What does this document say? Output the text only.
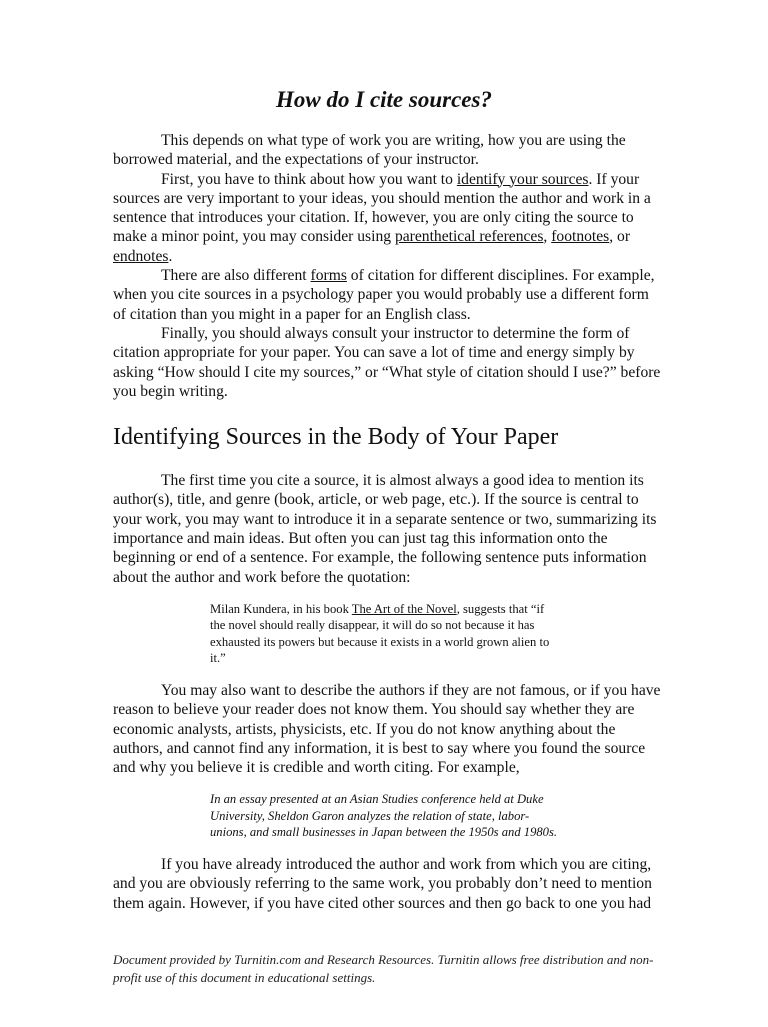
How do I cite sources?

This depends on what type of work you are writing, how you are using the borrowed material, and the expectations of your instructor.

First, you have to think about how you want to identify your sources. If your sources are very important to your ideas, you should mention the author and work in a sentence that introduces your citation. If, however, you are only citing the source to make a minor point, you may consider using parenthetical references, footnotes, or endnotes.

There are also different forms of citation for different disciplines. For example, when you cite sources in a psychology paper you would probably use a different form of citation than you might in a paper for an English class.

Finally, you should always consult your instructor to determine the form of citation appropriate for your paper. You can save a lot of time and energy simply by asking “How should I cite my sources,” or “What style of citation should I use?” before you begin writing.

Identifying Sources in the Body of Your Paper

The first time you cite a source, it is almost always a good idea to mention its author(s), title, and genre (book, article, or web page, etc.). If the source is central to your work, you may want to introduce it in a separate sentence or two, summarizing its importance and main ideas. But often you can just tag this information onto the beginning or end of a sentence. For example, the following sentence puts information about the author and work before the quotation:

Milan Kundera, in his book The Art of the Novel, suggests that “if the novel should really disappear, it will do so not because it has exhausted its powers but because it exists in a world grown alien to it.”

You may also want to describe the authors if they are not famous, or if you have reason to believe your reader does not know them. You should say whether they are economic analysts, artists, physicists, etc. If you do not know anything about the authors, and cannot find any information, it is best to say where you found the source and why you believe it is credible and worth citing. For example,

In an essay presented at an Asian Studies conference held at Duke University, Sheldon Garon analyzes the relation of state, labor-unions, and small businesses in Japan between the 1950s and 1980s.

If you have already introduced the author and work from which you are citing, and you are obviously referring to the same work, you probably don’t need to mention them again. However, if you have cited other sources and then go back to one you had

Document provided by Turnitin.com and Research Resources. Turnitin allows free distribution and non-profit use of this document in educational settings.
